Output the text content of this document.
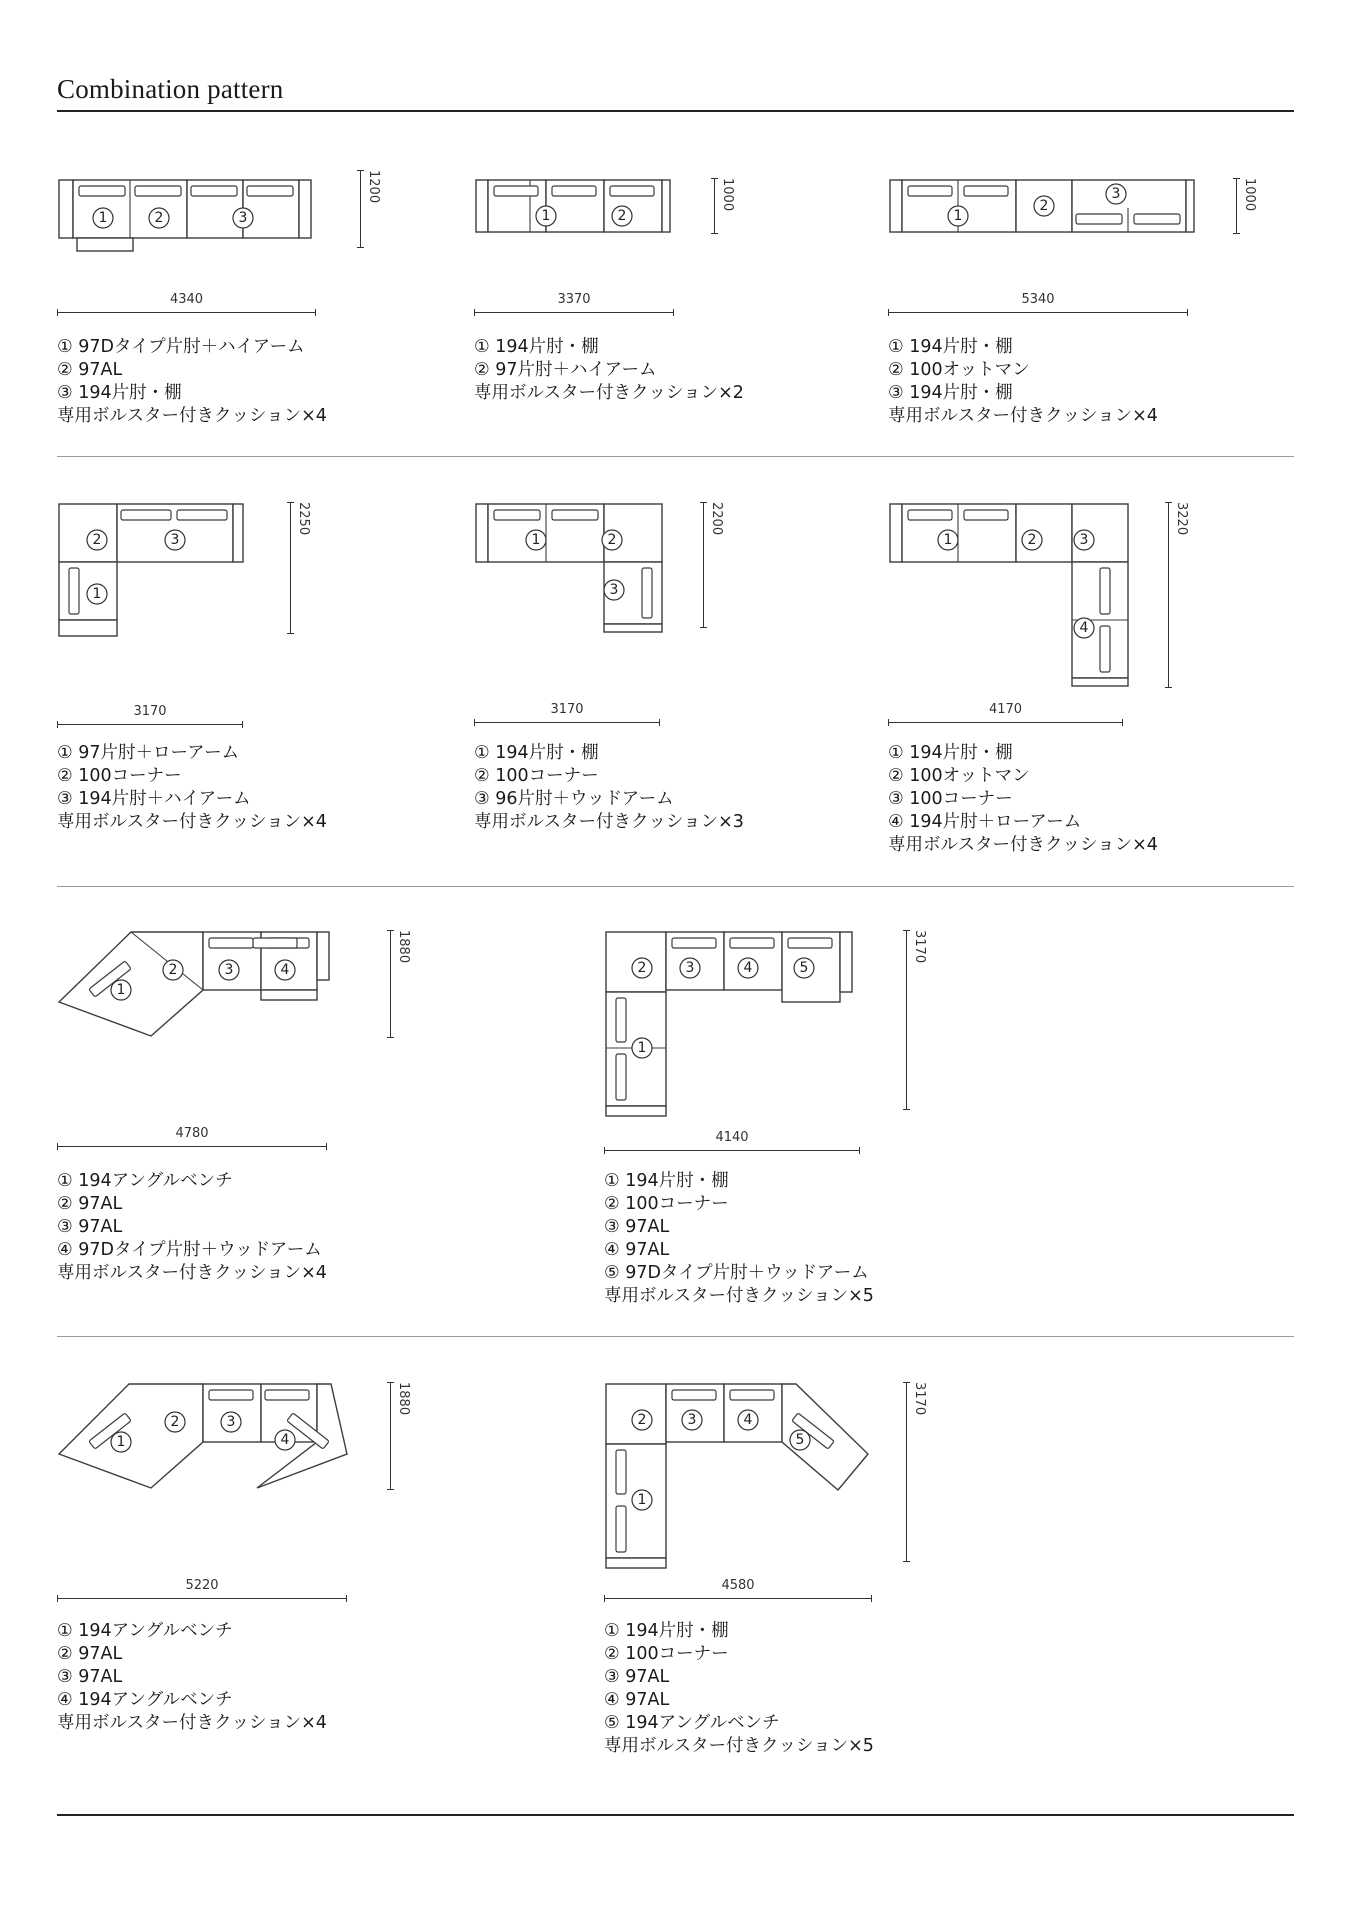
Combination pattern
1	2	3
1200
4340
① 97Dタイプ片肘＋ハイアーム
② 97AL
③ 194片肘・棚
専用ボルスター付きクッション×4
1	2
1000
3370
① 194片肘・棚
② 97片肘＋ハイアーム
専用ボルスター付きクッション×2
1
2
3	1000
5340
① 194片肘・棚
② 100オットマン
③ 194片肘・棚
専用ボルスター付きクッション×4
2	3
1
2250
3170
① 97片肘＋ローアーム
② 100コーナー
③ 194片肘＋ハイアーム
専用ボルスター付きクッション×4
1	2
3
2200
3170
① 194片肘・棚
② 100コーナー
③ 96片肘＋ウッドアーム
専用ボルスター付きクッション×3
1	2	3
4
3220
4170
① 194片肘・棚
② 100オットマン
③ 100コーナー
④ 194片肘＋ローアーム
専用ボルスター付きクッション×4
1
2	3	4
1880
4780
① 194アングルベンチ
② 97AL
③ 97AL
④ 97Dタイプ片肘＋ウッドアーム
専用ボルスター付きクッション×4
2	3	4	5
1
3170
4140
① 194片肘・棚
② 100コーナー
③ 97AL
④ 97AL
⑤ 97Dタイプ片肘＋ウッドアーム
専用ボルスター付きクッション×5
1
2	3
4
1880
5220
① 194アングルベンチ
② 97AL
③ 97AL
④ 194アングルベンチ
専用ボルスター付きクッション×4
2	3	4
5
1
3170
4580
① 194片肘・棚
② 100コーナー
③ 97AL
④ 97AL
⑤ 194アングルベンチ
専用ボルスター付きクッション×5
